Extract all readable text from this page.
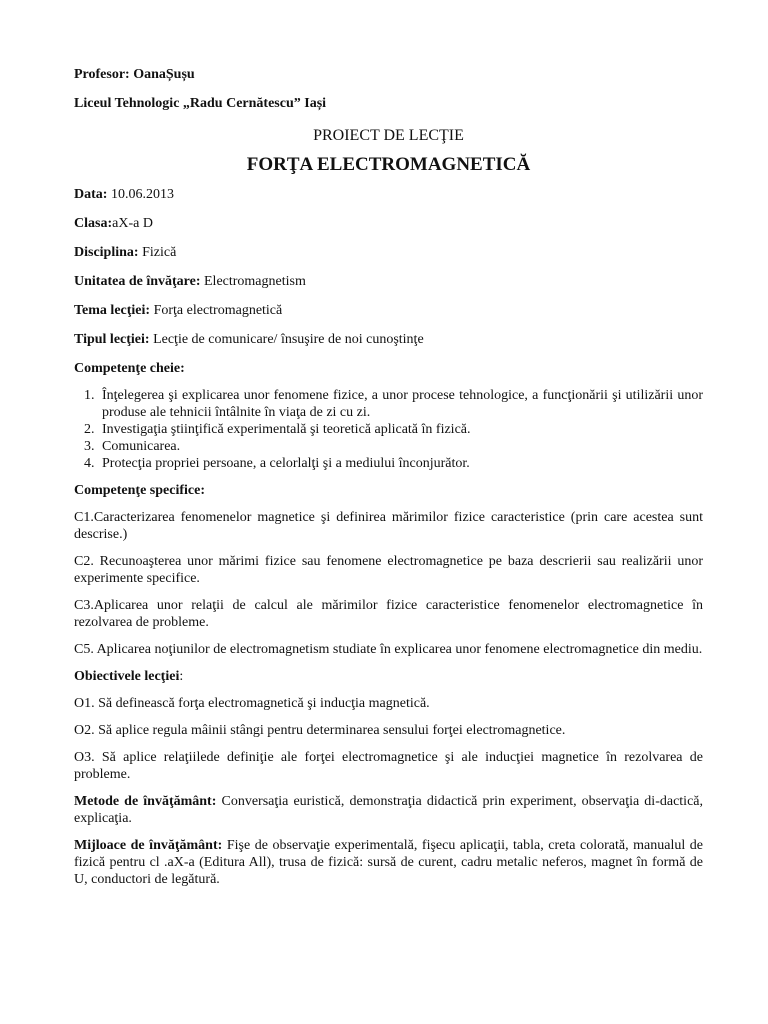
Profesor: OanaȘușu
Liceul Tehnologic „Radu Cernătescu” Iași
PROIECT DE LECŢIE
FORŢA ELECTROMAGNETICĂ
Data: 10.06.2013
Clasa:aX-a D
Disciplina: Fizică
Unitatea de învăţare: Electromagnetism
Tema lecţiei: Forţa electromagnetică
Tipul lecţiei: Lecţie de comunicare/ însuşire de noi cunoştinţe
Competenţe cheie:
1. Înţelegerea şi explicarea unor fenomene fizice, a unor procese tehnologice, a funcţionării şi utilizării unor produse ale tehnicii întâlnite în viaţa de zi cu zi.
2. Investigaţia ştiinţifică experimentală şi teoretică aplicată în fizică.
3. Comunicarea.
4. Protecţia propriei persoane, a celorlalţi şi a mediului înconjurător.
Competenţe specifice:
C1.Caracterizarea fenomenelor magnetice şi definirea mărimilor fizice caracteristice (prin care acestea sunt descrise.)
C2. Recunoaşterea unor mărimi fizice sau fenomene electromagnetice pe baza descrierii sau realizării unor experimente specifice.
C3.Aplicarea unor relaţii de calcul ale mărimilor fizice caracteristice fenomenelor electromagnetice în rezolvarea de probleme.
C5. Aplicarea noţiunilor de electromagnetism studiate în explicarea unor fenomene electromagnetice din mediu.
Obiectivele lecţiei:
O1. Să definească forţa electromagnetică şi inducţia magnetică.
O2. Să aplice regula mâinii stângi pentru determinarea sensului forţei electromagnetice.
O3. Să aplice relaţiilede definiţie ale forţei electromagnetice şi ale inducţiei magnetice în rezolvarea de probleme.
Metode de învăţământ: Conversaţia euristică, demonstraţia didactică prin experiment, observaţia di-dactică, explicaţia.
Mijloace de învăţământ: Fişe de observaţie experimentală, fişecu aplicaţii, tabla, creta colorată, manualul de fizică pentru cl .aX-a (Editura All), trusa de fizică: sursă de curent, cadru metalic neferos, magnet în formă de U, conductori de legătură.
